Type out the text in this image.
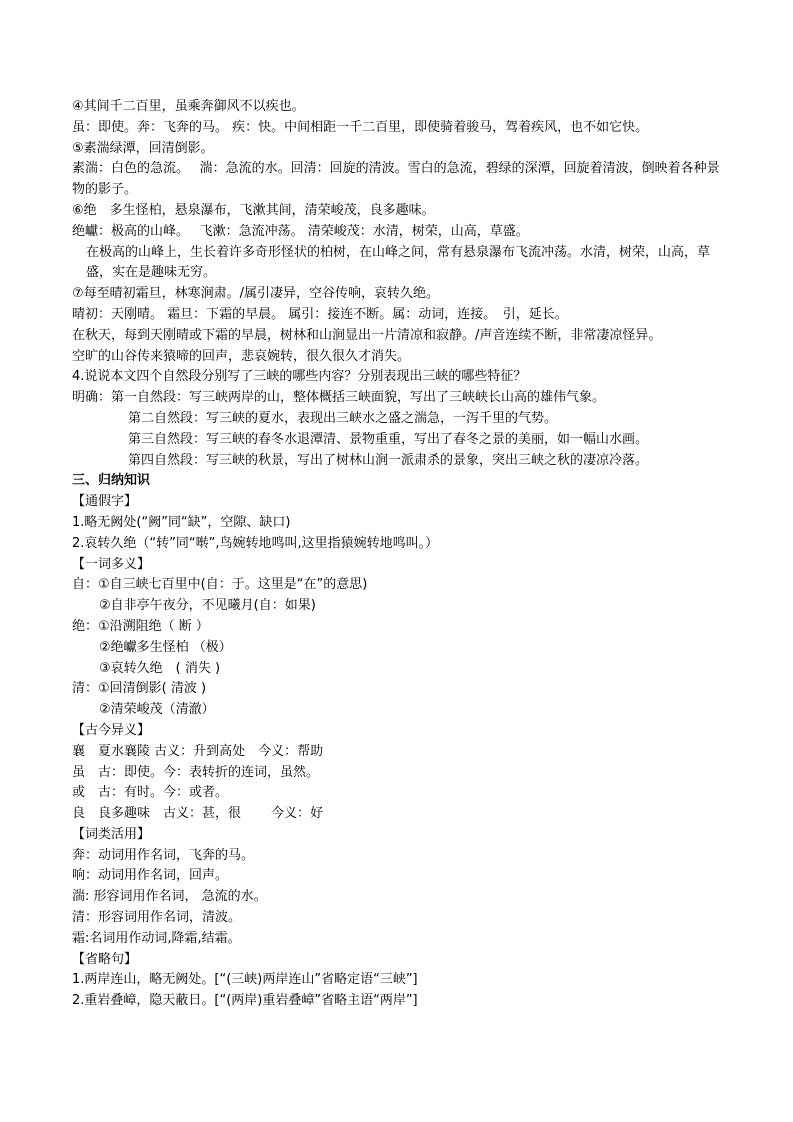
④其间千二百里，虽乘奔御风不以疾也。
虽：即使。奔：飞奔的马。 疾：快。中间相距一千二百里，即使骑着骏马，驾着疾风，也不如它快。
⑤素湍绿潭，回清倒影。
素湍：白色的急流。　 湍：急流的水。回清：回旋的清波。雪白的急流，碧绿的深潭，回旋着清波，倒映着各种景物的影子。
⑥绝　多生怪柏，悬泉瀑布，飞漱其间，清荣峻茂，良多趣味。
绝巘：极高的山峰。　 飞漱：急流冲荡。 清荣峻茂：水清，树荣，山高，草盛。
在极高的山峰上，生长着许多奇形怪状的柏树，在山峰之间，常有悬泉瀑布飞流冲荡。水清，树荣，山高，草盛，实在是趣味无穷。
⑦每至晴初霜旦，林寒涧肃。/属引凄异，空谷传响，哀转久绝。
晴初：天刚晴。 霜旦：下霜的早晨。 属引：接连不断。属：动词，连接。　引，延长。
在秋天，每到天刚晴或下霜的早晨，树林和山涧显出一片清凉和寂静。/声音连续不断，非常凄凉怪异。
空旷的山谷传来猿啼的回声，悲哀婉转，很久很久才消失。
4.说说本文四个自然段分别写了三峡的哪些内容？分别表现出三峡的哪些特征？
明确：第一自然段：写三峡两岸的山，整体概括三峡面貌，写出了三峡峡长山高的雄伟气象。
第二自然段：写三峡的夏水，表现出三峡水之盛之湍急，一泻千里的气势。
第三自然段：写三峡的春冬水退潭清、景物重重，写出了春冬之景的美丽，如一幅山水画。
第四自然段：写三峡的秋景，写出了树林山涧一派肃杀的景象，突出三峡之秋的凄凉冷落。
三、归纳知识
【通假字】
1.略无阙处(“阙”同“缺”，空隙、缺口)
2.哀转久绝（“转”同“啭”,鸟婉转地鸣叫,这里指猿婉转地鸣叫。）
【一词多义】
自：①自三峡七百里中(自：于。这里是“在”的意思)
②自非亭午夜分，不见曦月(自：如果)
绝：①沿溯阻绝（ 断 ）
②绝巘多生怪柏 （极）
③哀转久绝　( 消失 )
清：①回清倒影( 清波 )
②清荣峻茂（清澈）
【古今异义】
襄　夏水襄陵 古义：升到高处　今义：帮助
虽　古：即使。今：表转折的连词，虽然。
或　古：有时。今：或者。
良　良多趣味　古义：甚，很　　 今义：好
【词类活用】
奔：动词用作名词，飞奔的马。
响：动词用作名词，回声。
湍: 形容词用作名词， 急流的水。
清：形容词用作名词，清波。
霜:名词用作动词,降霜,结霜。
【省略句】
1.两岸连山，略无阙处。[“(三峡)两岸连山”省略定语“三峡”]
2.重岩叠嶂，隐天蔽日。[“(两岸)重岩叠嶂”省略主语“两岸”]
